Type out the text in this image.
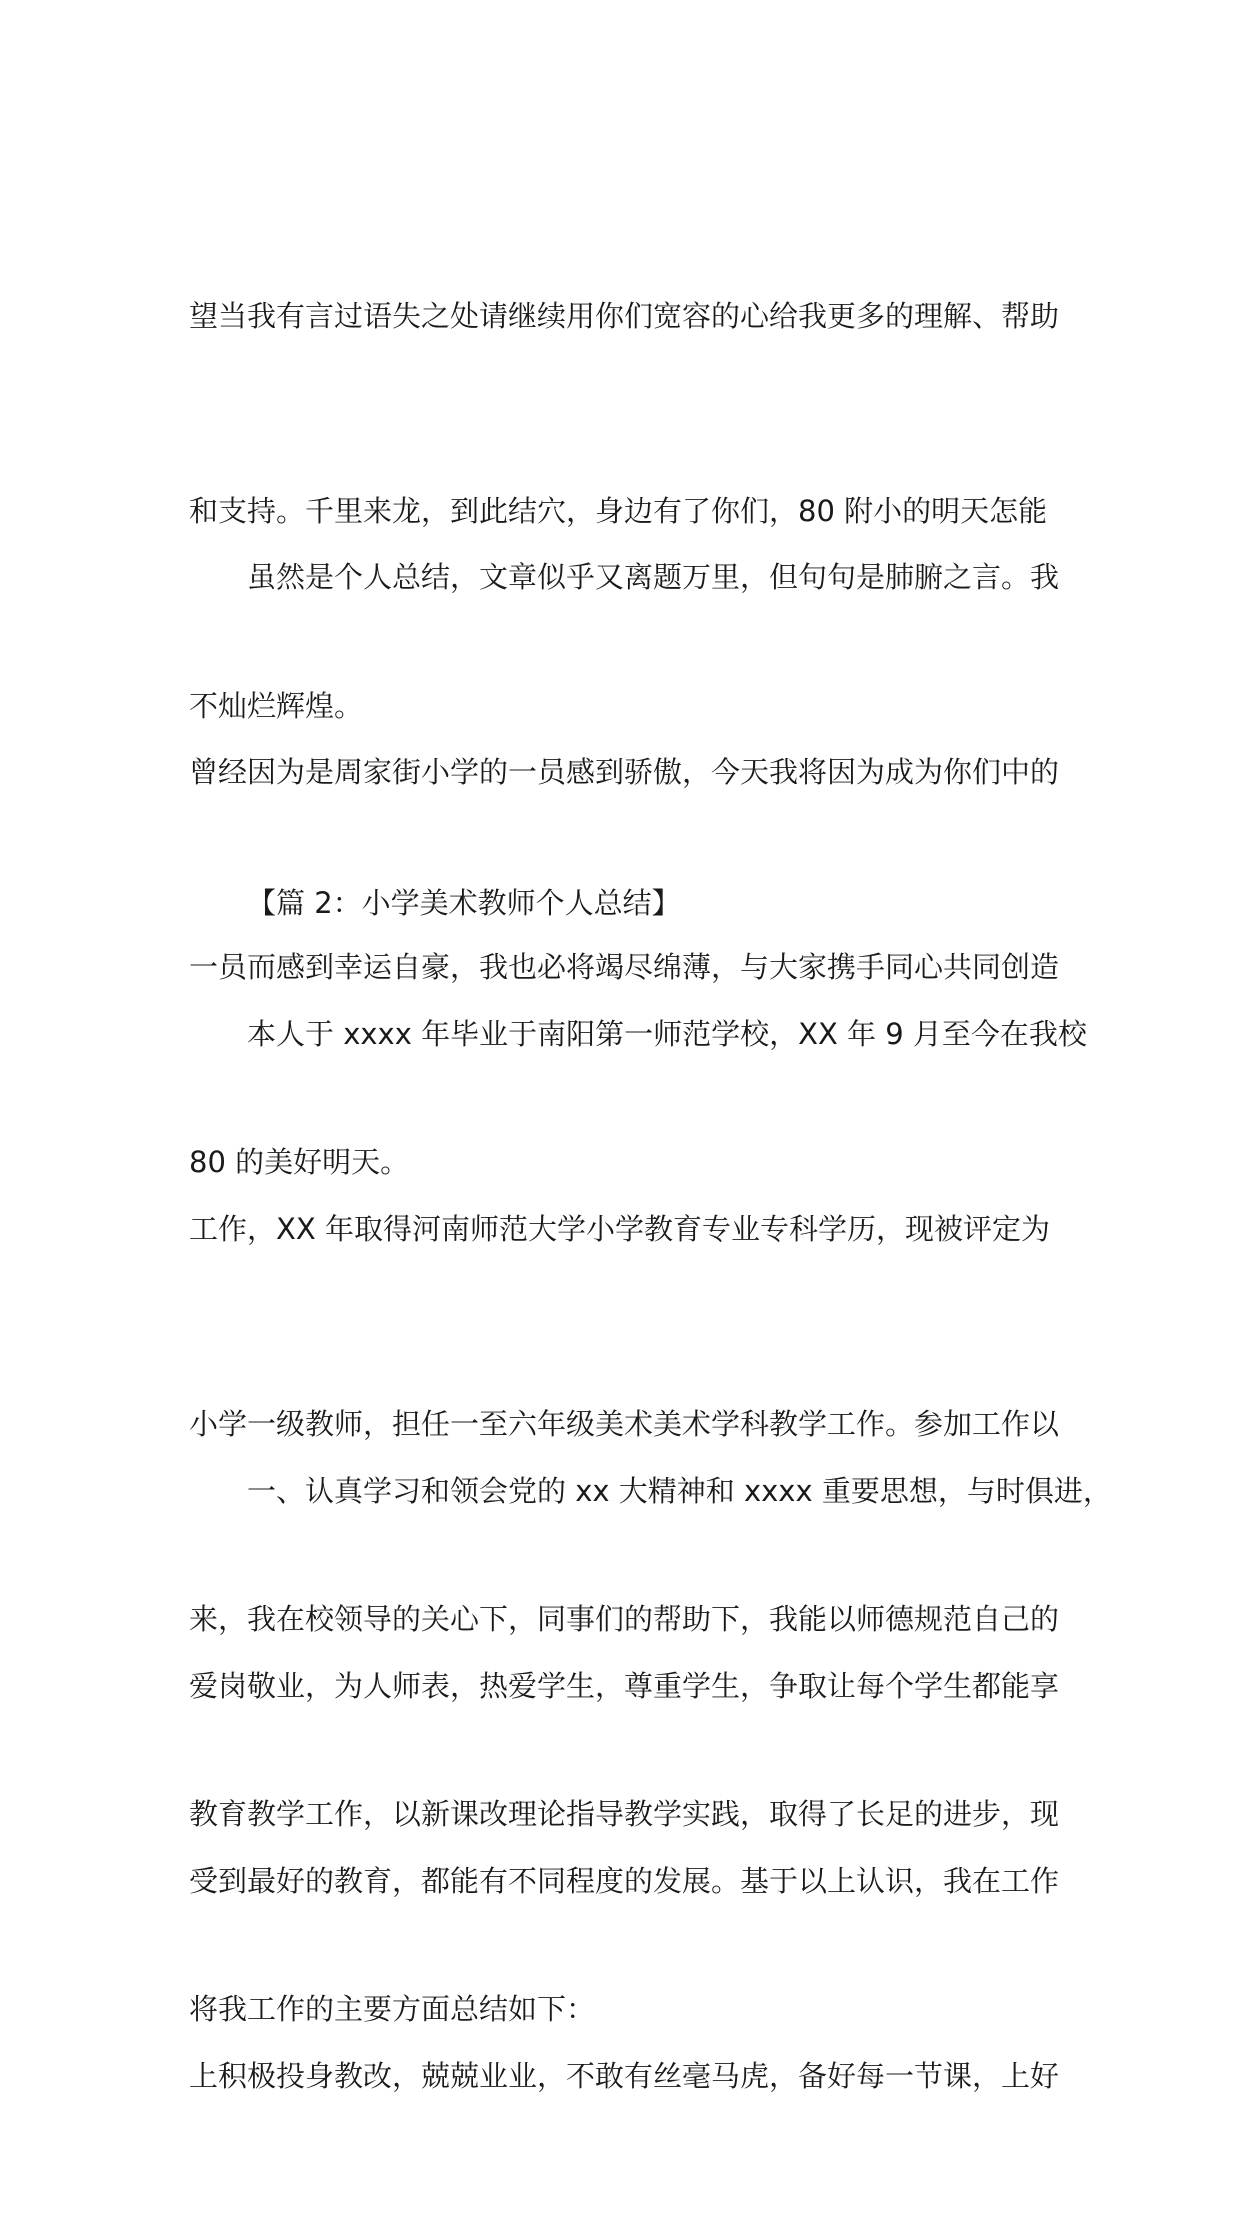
望当我有言过语失之处请继续用你们宽容的心给我更多的理解、帮助

和支持。千里来龙，到此结穴，身边有了你们，80 附小的明天怎能

不灿烂辉煌。

虽然是个人总结，文章似乎又离题万里，但句句是肺腑之言。我

曾经因为是周家街小学的一员感到骄傲，今天我将因为成为你们中的

一员而感到幸运自豪，我也必将竭尽绵薄，与大家携手同心共同创造

80 的美好明天。

【篇 2：小学美术教师个人总结】

本人于 xxxx 年毕业于南阳第一师范学校，XX 年 9 月至今在我校

工作，XX 年取得河南师范大学小学教育专业专科学历，现被评定为

小学一级教师，担任一至六年级美术美术学科教学工作。参加工作以

来，我在校领导的关心下，同事们的帮助下，我能以师德规范自己的

教育教学工作，以新课改理论指导教学实践，取得了长足的进步，现

将我工作的主要方面总结如下：

一、认真学习和领会党的 xx 大精神和 xxxx 重要思想，与时俱进，

爱岗敬业，为人师表，热爱学生，尊重学生，争取让每个学生都能享

受到最好的教育，都能有不同程度的发展。基于以上认识，我在工作

上积极投身教改，兢兢业业，不敢有丝毫马虎，备好每一节课，上好
